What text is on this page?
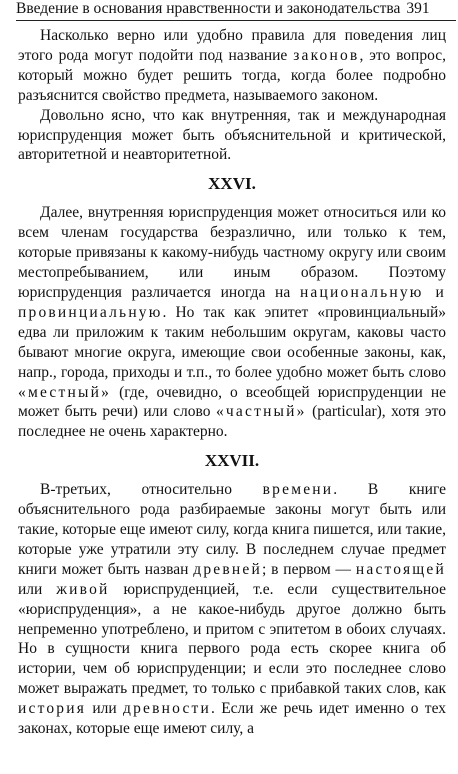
Введение в основания нравственности и законодательства 391

Насколько верно или удобно правила для поведения лиц этого рода могут подойти под название законов, это вопрос, который можно будет решить тогда, когда более подробно разъяснится свойство предмета, называемого законом.

Довольно ясно, что как внутренняя, так и международная юриспруденция может быть объяснительной и критической, авторитетной и неавторитетной.

XXVI.

Далее, внутренняя юриспруденция может относиться или ко всем членам государства безразлично, или только к тем, которые привязаны к какому-нибудь частному округу или своим местопребыванием, или иным образом. Поэтому юриспруденция различается иногда на национальную и провинциальную. Но так как эпитет «провинциальный» едва ли приложим к таким небольшим округам, каковы часто бывают многие округа, имеющие свои особенные законы, как, напр., города, приходы и т.п., то более удобно может быть слово «местный» (где, очевидно, о всеобщей юриспруденции не может быть речи) или слово «частный» (particular), хотя это последнее не очень характерно.

XXVII.

В-третьих, относительно времени. В книге объяснительного рода разбираемые законы могут быть или такие, которые еще имеют силу, когда книга пишется, или такие, которые уже утратили эту силу. В последнем случае предмет книги может быть назван древней; в первом — настоящей или живой юриспруденцией, т.е. если существительное «юриспруденция», а не какое-нибудь другое должно быть непременно употреблено, и притом с эпитетом в обоих случаях. Но в сущности книга первого рода есть скорее книга об истории, чем об юриспруденции; и если это последнее слово может выражать предмет, то только с прибавкой таких слов, как история или древности. Если же речь идет именно о тех законах, которые еще имеют силу, а
